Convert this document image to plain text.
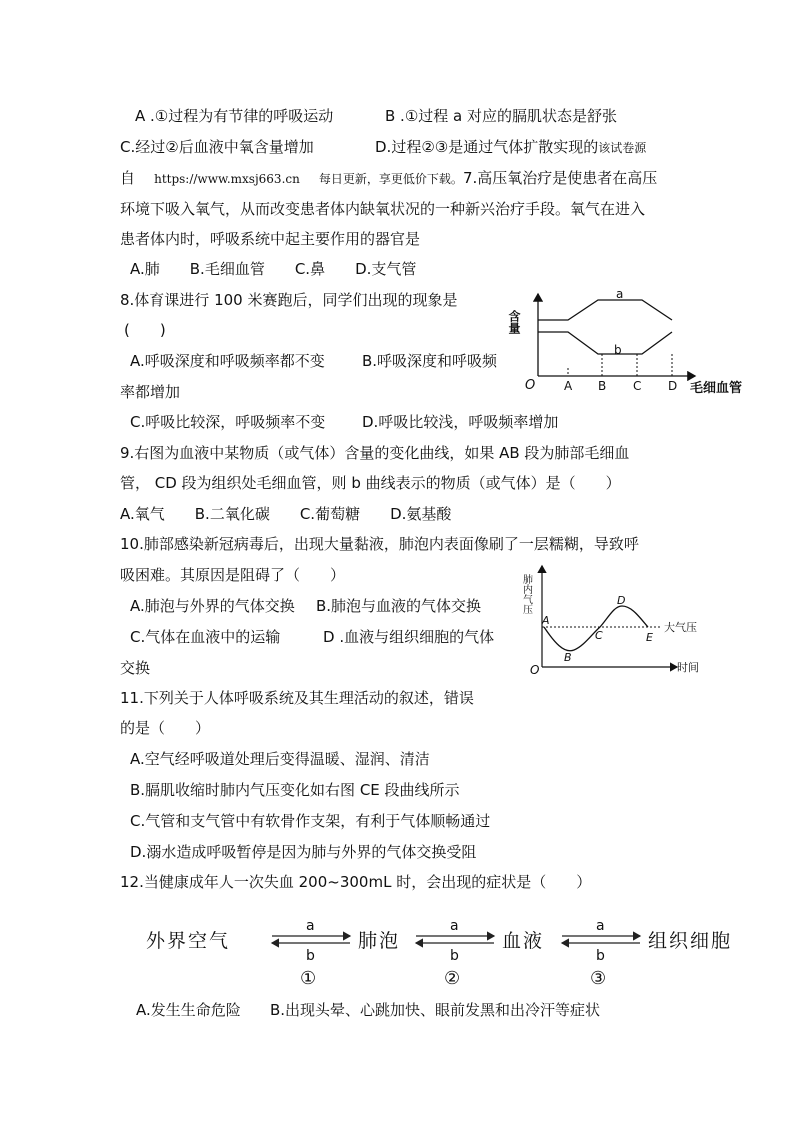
A .①过程为有节律的呼吸运动	B .①过程 a 对应的膈肌状态是舒张
C.经过②后血液中氧含量增加	D.过程②③是通过气体扩散实现的该试卷源
自 https://www.mxsj663.cn 每日更新，享更低价下载。7.高压氧治疗是使患者在高压
环境下吸入氧气，从而改变患者体内缺氧状况的一种新兴治疗手段。氧气在进入
患者体内时，呼吸系统中起主要作用的器官是
A.肺　　B.毛细血管　　C.鼻　　D.支气管
8.体育课进行 100 米赛跑后，同学们出现的现象是
(　　)
A.呼吸深度和呼吸频率都不变 B.呼吸深度和呼吸频
率都增加
C.呼吸比较深，呼吸频率不变 D.呼吸比较浅，呼吸频率增加
9.右图为血液中某物质（或气体）含量的变化曲线，如果 AB 段为肺部毛细血
管， CD 段为组织处毛细血管，则 b 曲线表示的物质（或气体）是（　　）
A.氧气　　B.二氧化碳　　C.葡萄糖　　D.氨基酸
10.肺部感染新冠病毒后，出现大量黏液，肺泡内表面像刷了一层糯糊，导致呼
吸困难。其原因是阻碍了（　　）
A.肺泡与外界的气体交换 B.肺泡与血液的气体交换
C.气体在血液中的运输	D .血液与组织细胞的气体
交换
11.下列关于人体呼吸系统及其生理活动的叙述，错误
的是（　　）
A.空气经呼吸道处理后变得温暖、湿润、清洁
B.膈肌收缩时肺内气压变化如右图 CE 段曲线所示
C.气管和支气管中有软骨作支架，有利于气体顺畅通过
D.溺水造成呼吸暂停是因为肺与外界的气体交换受阻
12.当健康成年人一次失血 200~300mL 时，会出现的症状是（　　）
A.发生生命危险 B.出现头晕、心跳加快、眼前发黑和出冷汗等症状
含量
O A B C D 毛细血管
a
b
肺内气压
O	时间
大气压
A
B
C
D
E
外界空气	肺泡	血液	组织细胞
a
b
①
a
b
②
a
b
③
